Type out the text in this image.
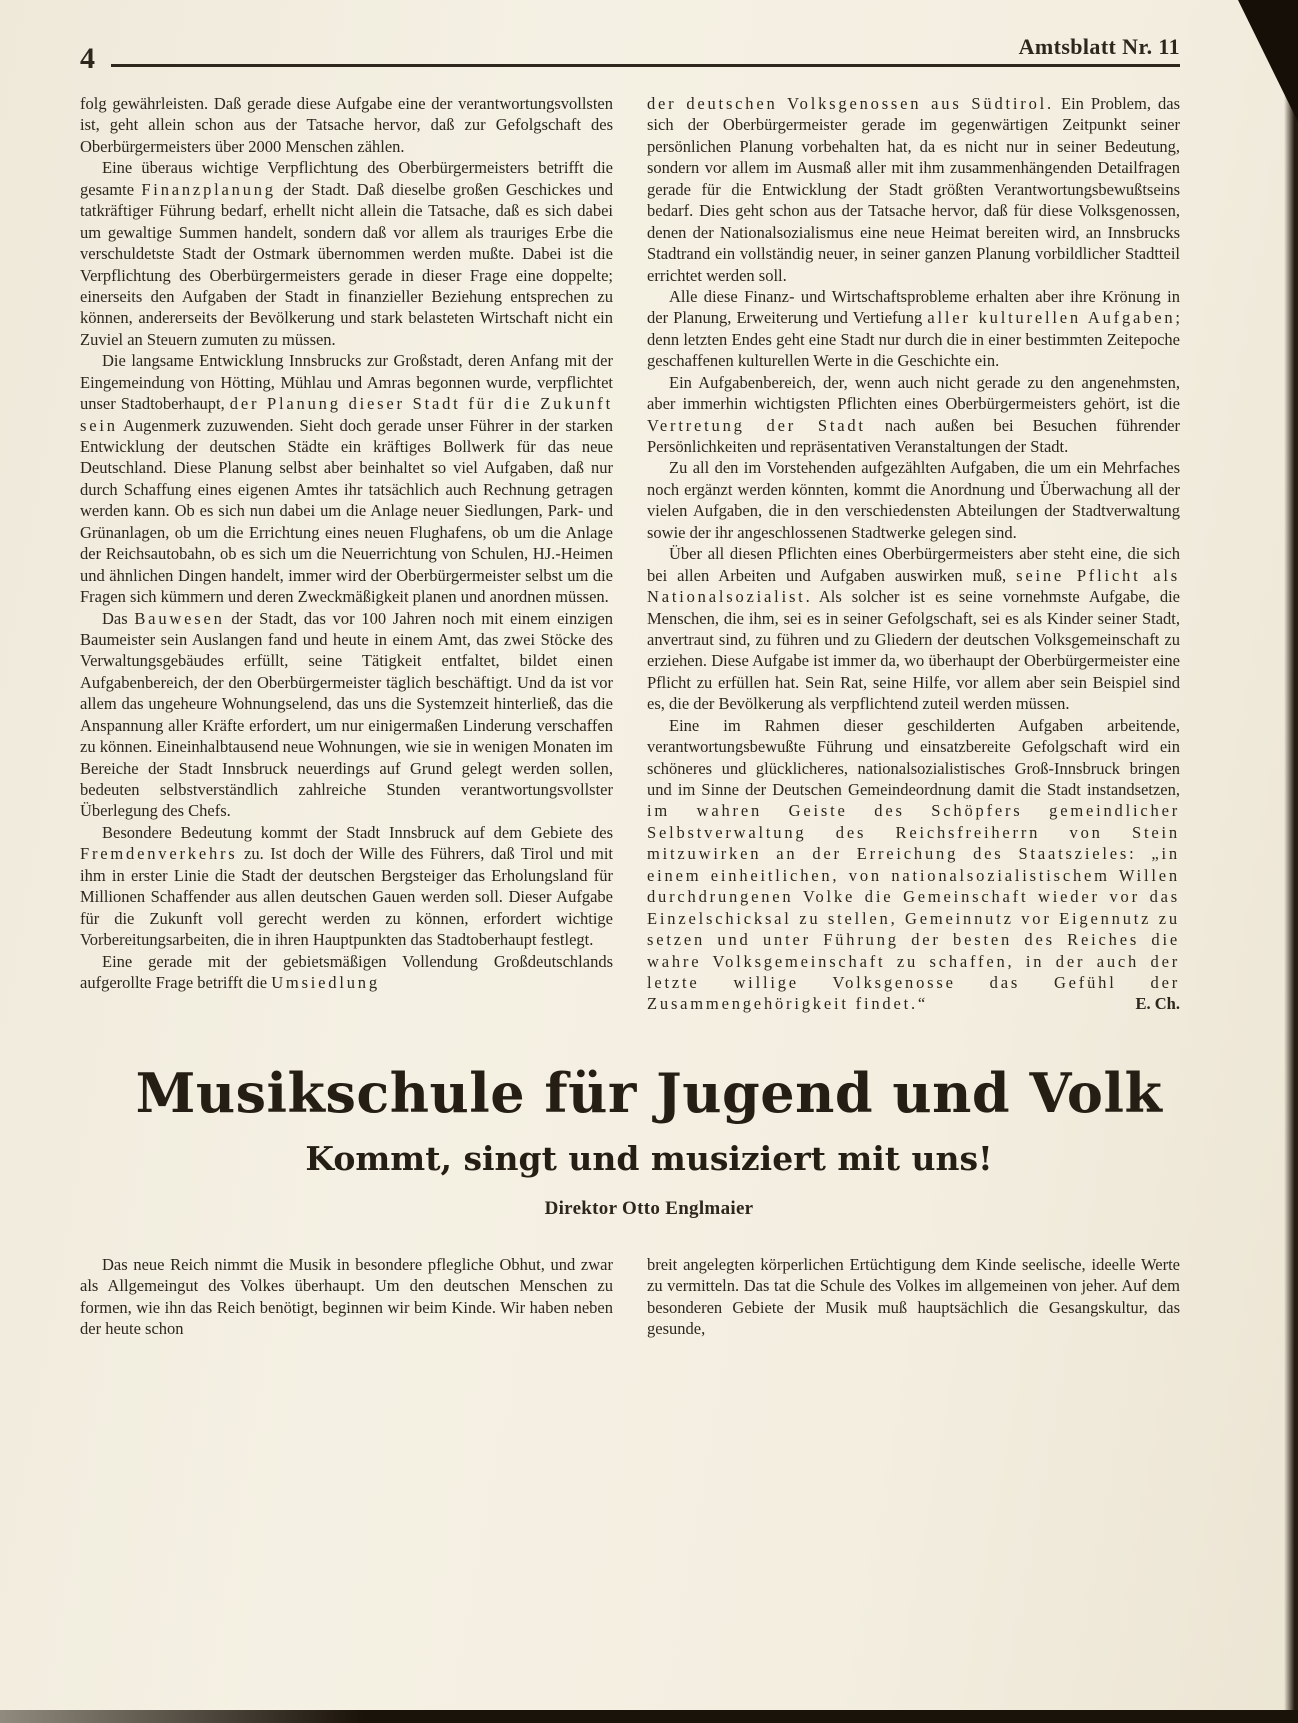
4	Amtsblatt Nr. 11

folg gewährleisten. Daß gerade diese Aufgabe eine der verantwortungsvollsten ist, geht allein schon aus der Tatsache hervor, daß zur Gefolgschaft des Oberbürgermeisters über 2000 Menschen zählen.

Eine überaus wichtige Verpflichtung des Oberbürgermeisters betrifft die gesamte Finanzplanung der Stadt. Daß dieselbe großen Geschickes und tatkräftiger Führung bedarf, erhellt nicht allein die Tatsache, daß es sich dabei um gewaltige Summen handelt, sondern daß vor allem als trauriges Erbe die verschuldetste Stadt der Ostmark übernommen werden mußte. Dabei ist die Verpflichtung des Oberbürgermeisters gerade in dieser Frage eine doppelte; einerseits den Aufgaben der Stadt in finanzieller Beziehung entsprechen zu können, andererseits der Bevölkerung und stark belasteten Wirtschaft nicht ein Zuviel an Steuern zumuten zu müssen.

Die langsame Entwicklung Innsbrucks zur Großstadt, deren Anfang mit der Eingemeindung von Hötting, Mühlau und Amras begonnen wurde, verpflichtet unser Stadtoberhaupt, der Planung dieser Stadt für die Zukunft sein Augenmerk zuzuwenden. Sieht doch gerade unser Führer in der starken Entwicklung der deutschen Städte ein kräftiges Bollwerk für das neue Deutschland. Diese Planung selbst aber beinhaltet so viel Aufgaben, daß nur durch Schaffung eines eigenen Amtes ihr tatsächlich auch Rechnung getragen werden kann. Ob es sich nun dabei um die Anlage neuer Siedlungen, Park- und Grünanlagen, ob um die Errichtung eines neuen Flughafens, ob um die Anlage der Reichsautobahn, ob es sich um die Neuerrichtung von Schulen, HJ.-Heimen und ähnlichen Dingen handelt, immer wird der Oberbürgermeister selbst um die Fragen sich kümmern und deren Zweckmäßigkeit planen und anordnen müssen.

Das Bauwesen der Stadt, das vor 100 Jahren noch mit einem einzigen Baumeister sein Auslangen fand und heute in einem Amt, das zwei Stöcke des Verwaltungsgebäudes erfüllt, seine Tätigkeit entfaltet, bildet einen Aufgabenbereich, der den Oberbürgermeister täglich beschäftigt. Und da ist vor allem das ungeheure Wohnungselend, das uns die Systemzeit hinterließ, das die Anspannung aller Kräfte erfordert, um nur einigermaßen Linderung verschaffen zu können. Eineinhalbtausend neue Wohnungen, wie sie in wenigen Monaten im Bereiche der Stadt Innsbruck neuerdings auf Grund gelegt werden sollen, bedeuten selbstverständlich zahlreiche Stunden verantwortungsvollster Überlegung des Chefs.

Besondere Bedeutung kommt der Stadt Innsbruck auf dem Gebiete des Fremdenverkehrs zu. Ist doch der Wille des Führers, daß Tirol und mit ihm in erster Linie die Stadt der deutschen Bergsteiger das Erholungsland für Millionen Schaffender aus allen deutschen Gauen werden soll. Dieser Aufgabe für die Zukunft voll gerecht werden zu können, erfordert wichtige Vorbereitungsarbeiten, die in ihren Hauptpunkten das Stadtoberhaupt festlegt.

Eine gerade mit der gebietsmäßigen Vollendung Großdeutschlands aufgerollte Frage betrifft die Umsiedlung

der deutschen Volksgenossen aus Südtirol. Ein Problem, das sich der Oberbürgermeister gerade im gegenwärtigen Zeitpunkt seiner persönlichen Planung vorbehalten hat, da es nicht nur in seiner Bedeutung, sondern vor allem im Ausmaß aller mit ihm zusammenhängenden Detailfragen gerade für die Entwicklung der Stadt größten Verantwortungsbewußtseins bedarf. Dies geht schon aus der Tatsache hervor, daß für diese Volksgenossen, denen der Nationalsozialismus eine neue Heimat bereiten wird, an Innsbrucks Stadtrand ein vollständig neuer, in seiner ganzen Planung vorbildlicher Stadtteil errichtet werden soll.

Alle diese Finanz- und Wirtschaftsprobleme erhalten aber ihre Krönung in der Planung, Erweiterung und Vertiefung aller kulturellen Aufgaben; denn letzten Endes geht eine Stadt nur durch die in einer bestimmten Zeitepoche geschaffenen kulturellen Werte in die Geschichte ein.

Ein Aufgabenbereich, der, wenn auch nicht gerade zu den angenehmsten, aber immerhin wichtigsten Pflichten eines Oberbürgermeisters gehört, ist die Vertretung der Stadt nach außen bei Besuchen führender Persönlichkeiten und repräsentativen Veranstaltungen der Stadt.

Zu all den im Vorstehenden aufgezählten Aufgaben, die um ein Mehrfaches noch ergänzt werden könnten, kommt die Anordnung und Überwachung all der vielen Aufgaben, die in den verschiedensten Abteilungen der Stadtverwaltung sowie der ihr angeschlossenen Stadtwerke gelegen sind.

Über all diesen Pflichten eines Oberbürgermeisters aber steht eine, die sich bei allen Arbeiten und Aufgaben auswirken muß, seine Pflicht als Nationalsozialist. Als solcher ist es seine vornehmste Aufgabe, die Menschen, die ihm, sei es in seiner Gefolgschaft, sei es als Kinder seiner Stadt, anvertraut sind, zu führen und zu Gliedern der deutschen Volksgemeinschaft zu erziehen. Diese Aufgabe ist immer da, wo überhaupt der Oberbürgermeister eine Pflicht zu erfüllen hat. Sein Rat, seine Hilfe, vor allem aber sein Beispiel sind es, die der Bevölkerung als verpflichtend zuteil werden müssen.

Eine im Rahmen dieser geschilderten Aufgaben arbeitende, verantwortungsbewußte Führung und einsatzbereite Gefolgschaft wird ein schöneres und glücklicheres, nationalsozialistisches Groß-Innsbruck bringen und im Sinne der Deutschen Gemeindeordnung damit die Stadt instandsetzen, im wahren Geiste des Schöpfers gemeindlicher Selbstverwaltung des Reichsfreiherrn von Stein mitzuwirken an der Erreichung des Staatszieles: „in einem einheitlichen, von nationalsozialistischem Willen durchdrungenen Volke die Gemeinschaft wieder vor das Einzelschicksal zu stellen, Gemeinnutz vor Eigennutz zu setzen und unter Führung der besten des Reiches die wahre Volksgemeinschaft zu schaffen, in der auch der letzte willige Volksgenosse das Gefühl der Zusammengehörigkeit findet.“	E. Ch.

Musikschule für Jugend und Volk
Kommt, singt und musiziert mit uns!
Direktor Otto Englmaier

Das neue Reich nimmt die Musik in besondere pflegliche Obhut, und zwar als Allgemeingut des Volkes überhaupt. Um den deutschen Menschen zu formen, wie ihn das Reich benötigt, beginnen wir beim Kinde. Wir haben neben der heute schon

breit angelegten körperlichen Ertüchtigung dem Kinde seelische, ideelle Werte zu vermitteln. Das tat die Schule des Volkes im allgemeinen von jeher. Auf dem besonderen Gebiete der Musik muß hauptsächlich die Gesangskultur, das gesunde,
